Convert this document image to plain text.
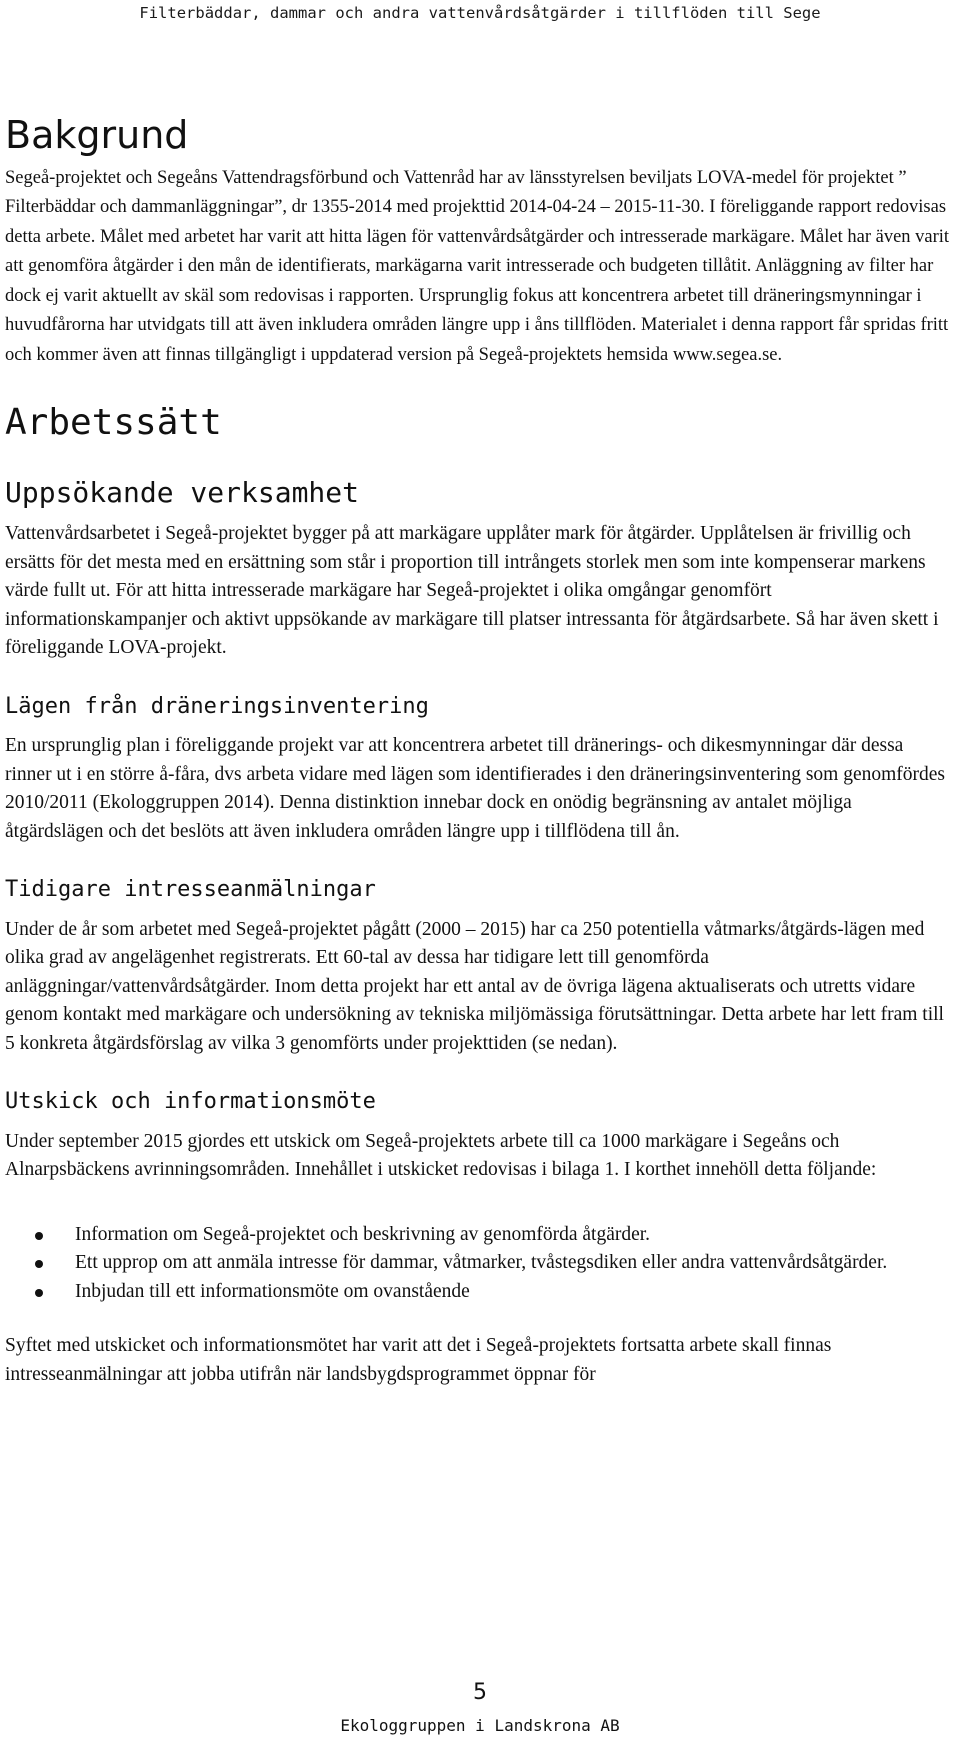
Filterbäddar, dammar och andra vattenvårdsåtgärder i tillflöden till Sege
Bakgrund

Segeå-projektet och Segeåns Vattendragsförbund och Vattenråd har av länsstyrelsen beviljats LOVA-medel för projektet ” Filterbäddar och dammanläggningar”, dr 1355-2014 med projekttid 2014-04-24 – 2015-11-30. I föreliggande rapport redovisas detta arbete. Målet med arbetet har varit att hitta lägen för vattenvårdsåtgärder och intresserade markägare. Målet har även varit att genomföra åtgärder i den mån de identifierats, markägarna varit intresserade och budgeten tillåtit. Anläggning av filter har dock ej varit aktuellt av skäl som redovisas i rapporten. Ursprunglig fokus att koncentrera arbetet till dräneringsmynningar i huvudfårorna har utvidgats till att även inkludera områden längre upp i åns tillflöden. Materialet i denna rapport får spridas fritt och kommer även att finnas tillgängligt i uppdaterad version på Segeå-projektets hemsida www.segea.se.

Arbetssätt
Uppsökande verksamhet

Vattenvårdsarbetet i Segeå-projektet bygger på att markägare upplåter mark för åtgärder. Upplåtelsen är frivillig och ersätts för det mesta med en ersättning som står i proportion till intrångets storlek men som inte kompenserar markens värde fullt ut. För att hitta intresserade markägare har Segeå-projektet i olika omgångar genomfört informationskampanjer och aktivt uppsökande av markägare till platser intressanta för åtgärdsarbete. Så har även skett i föreliggande LOVA-projekt.

Lägen från dräneringsinventering

En ursprunglig plan i föreliggande projekt var att koncentrera arbetet till dränerings- och dikesmynningar där dessa rinner ut i en större å-fåra, dvs arbeta vidare med lägen som identifierades i den dräneringsinventering som genomfördes 2010/2011 (Ekologgruppen 2014). Denna distinktion innebar dock en onödig begränsning av antalet möjliga åtgärdslägen och det beslöts att även inkludera områden längre upp i tillflödena till ån.

Tidigare intresseanmälningar

Under de år som arbetet med Segeå-projektet pågått (2000 – 2015) har ca 250 potentiella våtmarks/åtgärds-lägen med olika grad av angelägenhet registrerats. Ett 60-tal av dessa har tidigare lett till genomförda anläggningar/vattenvårdsåtgärder. Inom detta projekt har ett antal av de övriga lägena aktualiserats och utretts vidare genom kontakt med markägare och undersökning av tekniska miljömässiga förutsättningar. Detta arbete har lett fram till 5 konkreta åtgärdsförslag av vilka 3 genomförts under projekttiden (se nedan).

Utskick och informationsmöte

Under september 2015 gjordes ett utskick om Segeå-projektets arbete till ca 1000 markägare i Segeåns och Alnarpsbäckens avrinningsområden. Innehållet i utskicket redovisas i bilaga 1. I korthet innehöll detta följande:

Information om Segeå-projektet och beskrivning av genomförda åtgärder.
Ett upprop om att anmäla intresse för dammar, våtmarker, tvåstegsdiken eller andra vattenvårdsåtgärder.
Inbjudan till ett informationsmöte om ovanstående

Syftet med utskicket och informationsmötet har varit att det i Segeå-projektets fortsatta arbete skall finnas intresseanmälningar att jobba utifrån när landsbygdsprogrammet öppnar för

5
Ekologgruppen i Landskrona AB
